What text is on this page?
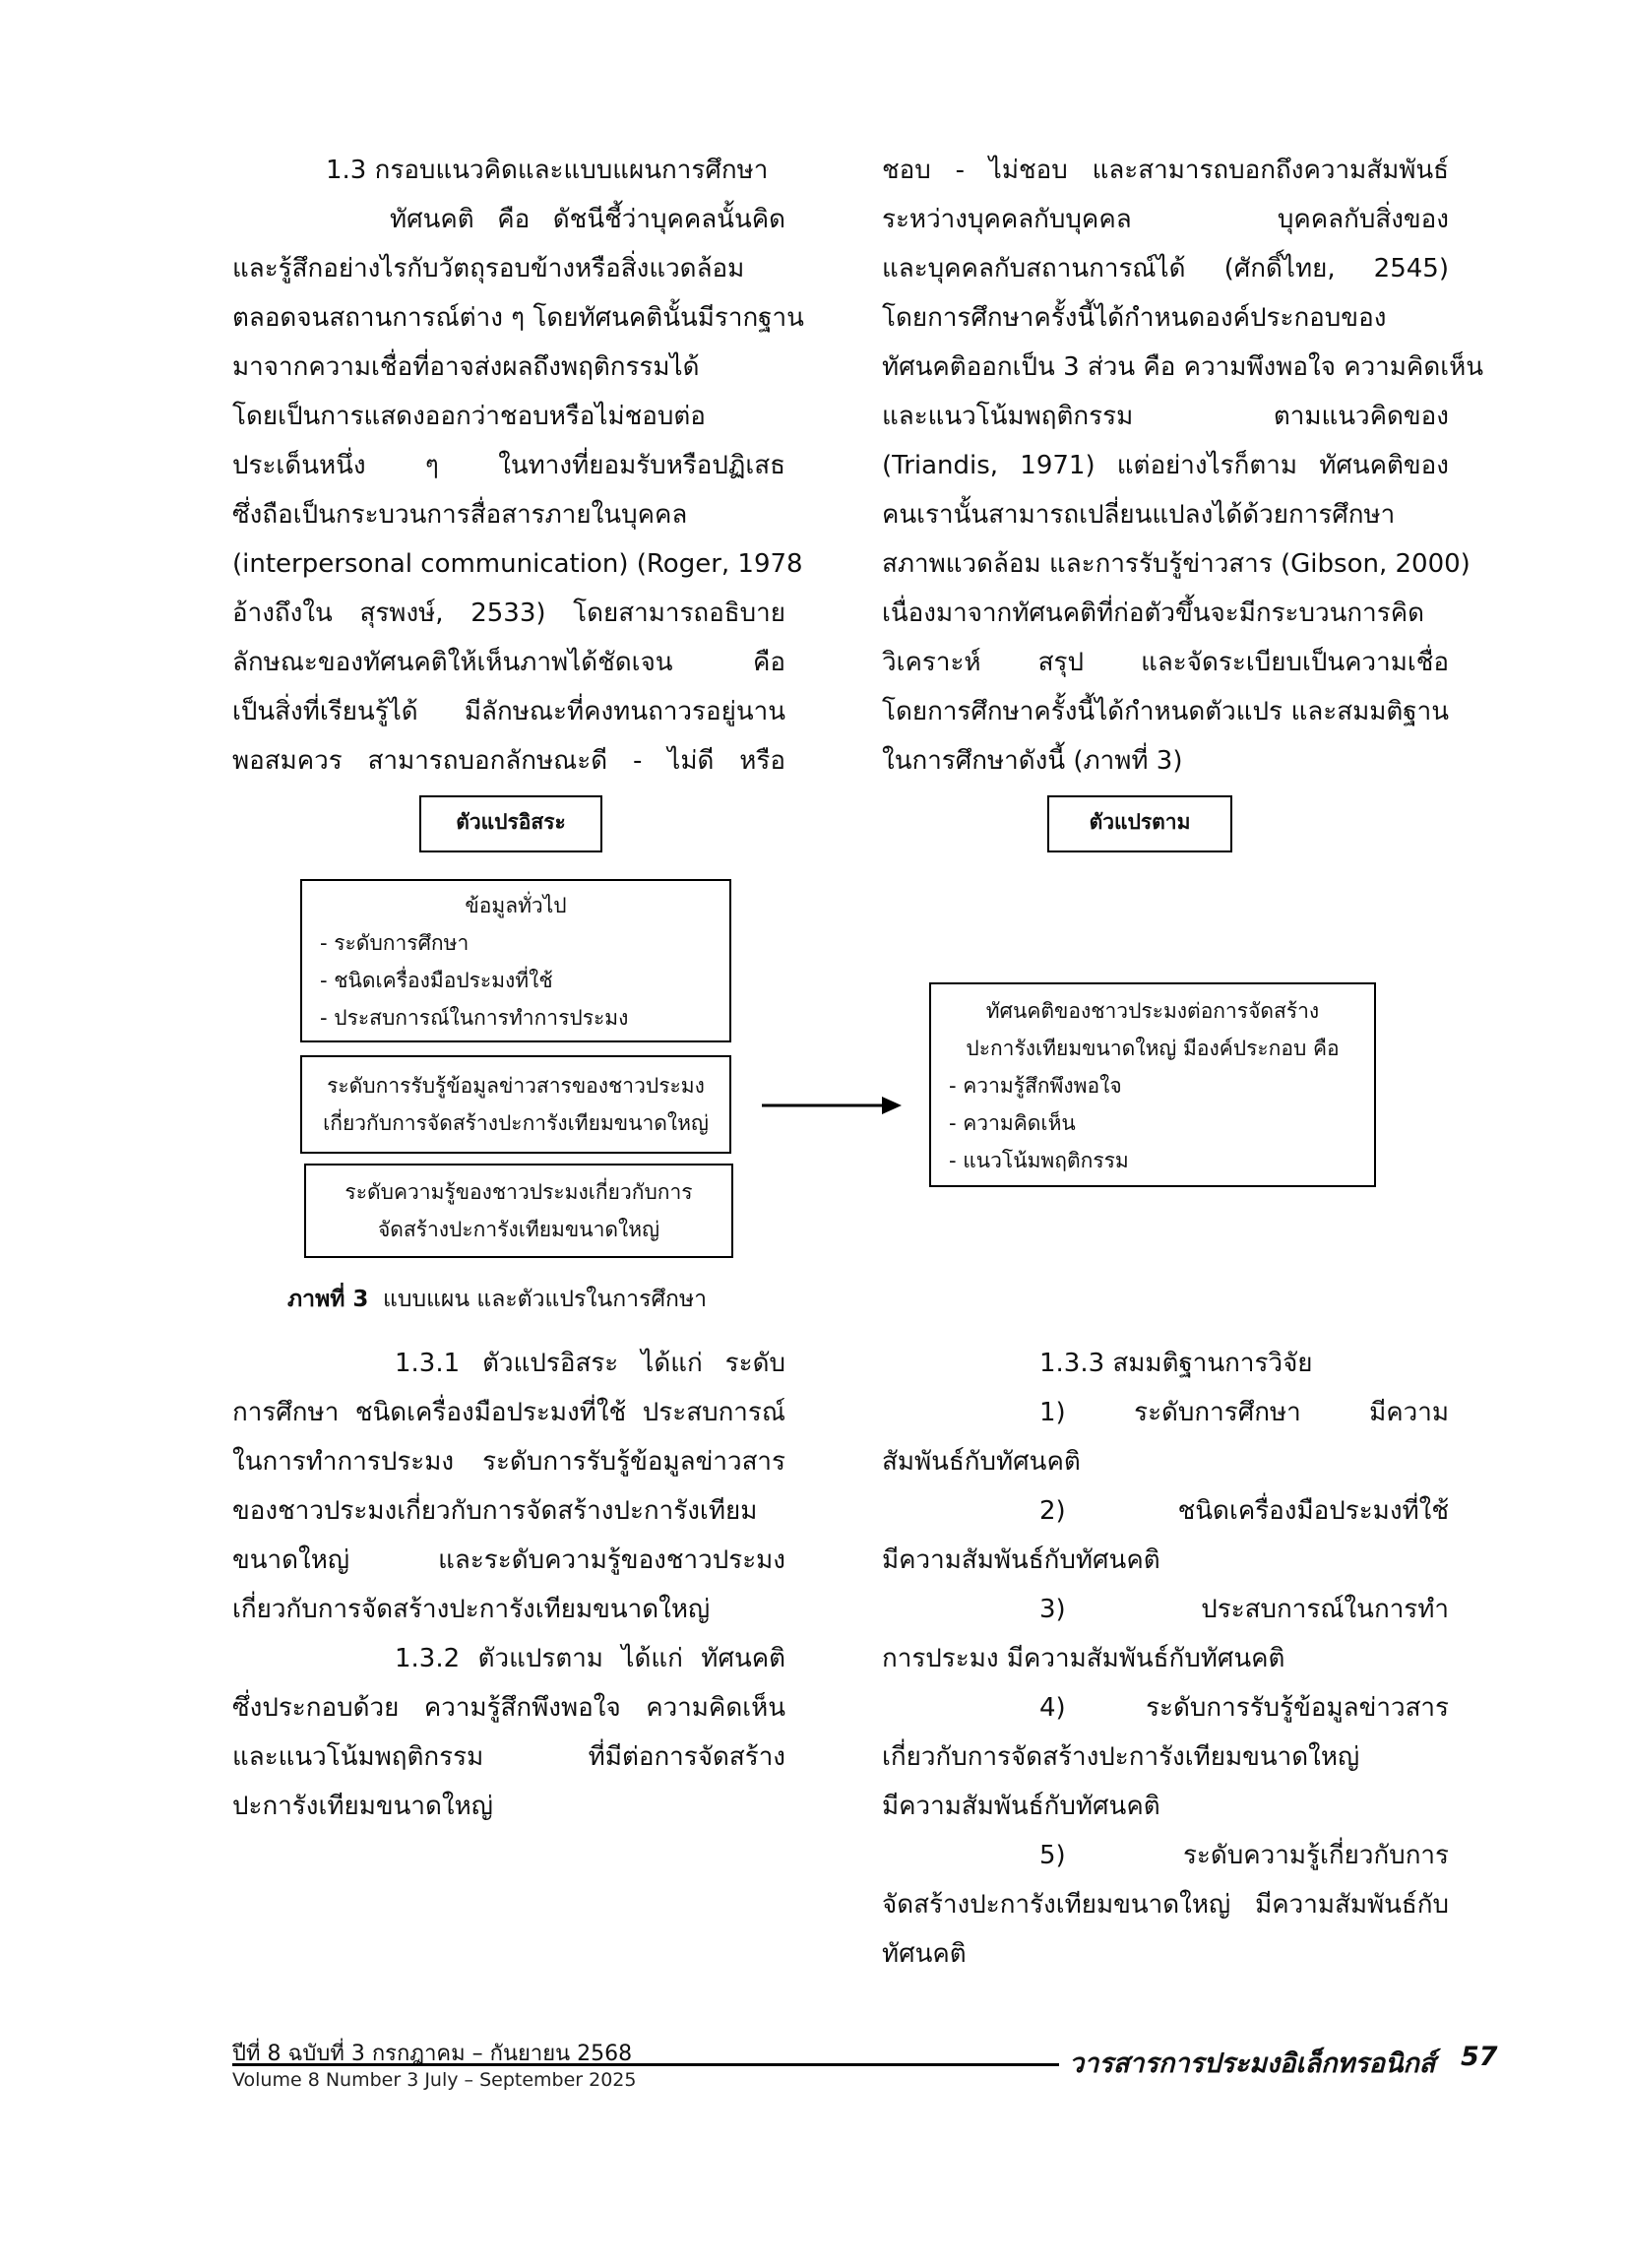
1.3 กรอบแนวคิดและแบบแผนการศึกษา
ทัศนคติ คือ ดัชนีชี้ว่าบุคคลนั้นคิด
และรู้สึกอย่างไรกับวัตถุรอบข้างหรือสิ่งแวดล้อม
ตลอดจนสถานการณ์ต่าง ๆ โดยทัศนคตินั้นมีรากฐาน
มาจากความเชื่อที่อาจส่งผลถึงพฤติกรรมได้
โดยเป็นการแสดงออกว่าชอบหรือไม่ชอบต่อ
ประเด็นหนึ่ง ๆ ในทางที่ยอมรับหรือปฏิเสธ
ซึ่งถือเป็นกระบวนการสื่อสารภายในบุคคล
(interpersonal communication) (Roger, 1978
อ้างถึงใน สุรพงษ์, 2533) โดยสามารถอธิบาย
ลักษณะของทัศนคติให้เห็นภาพได้ชัดเจน คือ
เป็นสิ่งที่เรียนรู้ได้ มีลักษณะที่คงทนถาวรอยู่นาน
พอสมควร สามารถบอกลักษณะดี - ไม่ดี หรือ
ชอบ - ไม่ชอบ และสามารถบอกถึงความสัมพันธ์
ระหว่างบุคคลกับบุคคล บุคคลกับสิ่งของ
และบุคคลกับสถานการณ์ได้ (ศักดิ์ไทย, 2545)
โดยการศึกษาครั้งนี้ได้กำหนดองค์ประกอบของ
ทัศนคติออกเป็น 3 ส่วน คือ ความพึงพอใจ ความคิดเห็น
และแนวโน้มพฤติกรรม ตามแนวคิดของ
(Triandis, 1971) แต่อย่างไรก็ตาม ทัศนคติของ
คนเรานั้นสามารถเปลี่ยนแปลงได้ด้วยการศึกษา
สภาพแวดล้อม และการรับรู้ข่าวสาร (Gibson, 2000)
เนื่องมาจากทัศนคติที่ก่อตัวขึ้นจะมีกระบวนการคิด
วิเคราะห์ สรุป และจัดระเบียบเป็นความเชื่อ
โดยการศึกษาครั้งนี้ได้กำหนดตัวแปร และสมมติฐาน
ในการศึกษาดังนี้ (ภาพที่ 3)
ตัวแปรอิสระ	ตัวแปรตาม
ข้อมูลทั่วไป
- ระดับการศึกษา
- ชนิดเครื่องมือประมงที่ใช้
- ประสบการณ์ในการทำการประมง
ระดับการรับรู้ข้อมูลข่าวสารของชาวประมง
เกี่ยวกับการจัดสร้างปะการังเทียมขนาดใหญ่
ระดับความรู้ของชาวประมงเกี่ยวกับการ
จัดสร้างปะการังเทียมขนาดใหญ่
ทัศนคติของชาวประมงต่อการจัดสร้าง
ปะการังเทียมขนาดใหญ่ มีองค์ประกอบ คือ
- ความรู้สึกพึงพอใจ
- ความคิดเห็น
- แนวโน้มพฤติกรรม
ภาพที่ 3 แบบแผน และตัวแปรในการศึกษา
1.3.1 ตัวแปรอิสระ ได้แก่ ระดับ
การศึกษา ชนิดเครื่องมือประมงที่ใช้ ประสบการณ์
ในการทำการประมง ระดับการรับรู้ข้อมูลข่าวสาร
ของชาวประมงเกี่ยวกับการจัดสร้างปะการังเทียม
ขนาดใหญ่ และระดับความรู้ของชาวประมง
เกี่ยวกับการจัดสร้างปะการังเทียมขนาดใหญ่
1.3.2 ตัวแปรตาม ได้แก่ ทัศนคติ
ซึ่งประกอบด้วย ความรู้สึกพึงพอใจ ความคิดเห็น
และแนวโน้มพฤติกรรม ที่มีต่อการจัดสร้าง
ปะการังเทียมขนาดใหญ่
1.3.3 สมมติฐานการวิจัย
1) ระดับการศึกษา มีความ
สัมพันธ์กับทัศนคติ
2) ชนิดเครื่องมือประมงที่ใช้
มีความสัมพันธ์กับทัศนคติ
3) ประสบการณ์ในการทำ
การประมง มีความสัมพันธ์กับทัศนคติ
4) ระดับการรับรู้ข้อมูลข่าวสาร
เกี่ยวกับการจัดสร้างปะการังเทียมขนาดใหญ่
มีความสัมพันธ์กับทัศนคติ
5) ระดับความรู้เกี่ยวกับการ
จัดสร้างปะการังเทียมขนาดใหญ่ มีความสัมพันธ์กับ
ทัศนคติ
ปีที่ 8 ฉบับที่ 3 กรกฎาคม – กันยายน 2568
Volume 8 Number 3 July – September 2025
วารสารการประมงอิเล็กทรอนิกส์ 57
